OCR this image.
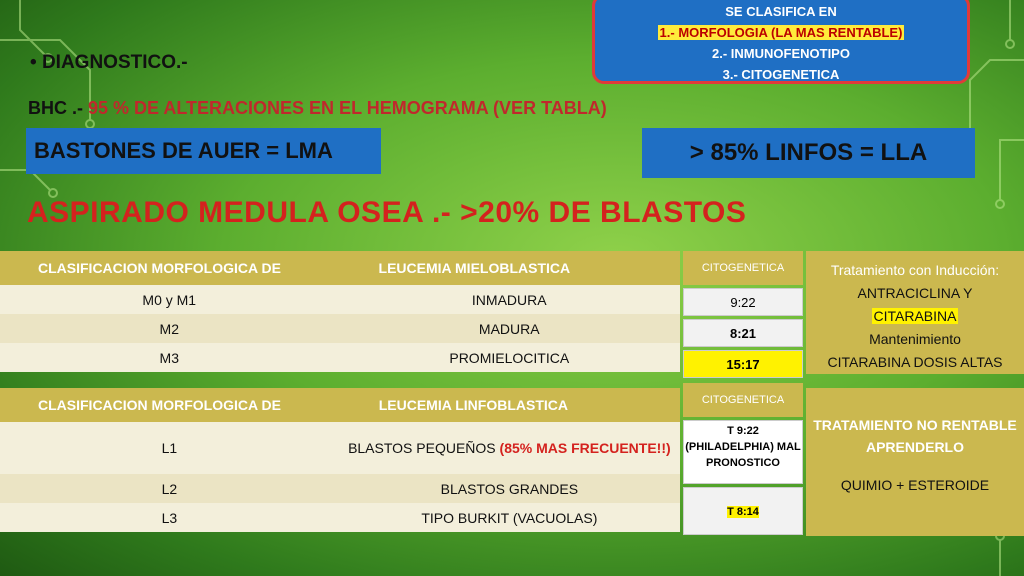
SE CLASIFICA EN
1.- MORFOLOGIA (LA MAS RENTABLE)
2.- INMUNOFENOTIPO
3.- CITOGENETICA
• DIAGNOSTICO.-
BHC .- 95 % DE ALTERACIONES EN EL HEMOGRAMA (VER TABLA)
BASTONES DE AUER = LMA	> 85% LINFOS = LLA
ASPIRADO MEDULA OSEA .- >20% DE BLASTOS
CLASIFICACION MORFOLOGICA DE	LEUCEMIA MIELOBLASTICA
M0 y M1	INMADURA
M2	MADURA
M3	PROMIELOCITICA
CITOGENETICA
9:22
8:21
15:17
Tratamiento con Inducción:
ANTRACICLINA Y
CITARABINA
Mantenimiento
CITARABINA DOSIS ALTAS
CLASIFICACION MORFOLOGICA DE	LEUCEMIA LINFOBLASTICA
L1	BLASTOS PEQUEÑOS (85% MAS FRECUENTE!!)
L2	BLASTOS GRANDES
L3	TIPO BURKIT (VACUOLAS)
CITOGENETICA
T 9:22 (PHILADELPHIA) MAL PRONOSTICO
T 8:14
TRATAMIENTO NO RENTABLE APRENDERLO
QUIMIO + ESTEROIDE
